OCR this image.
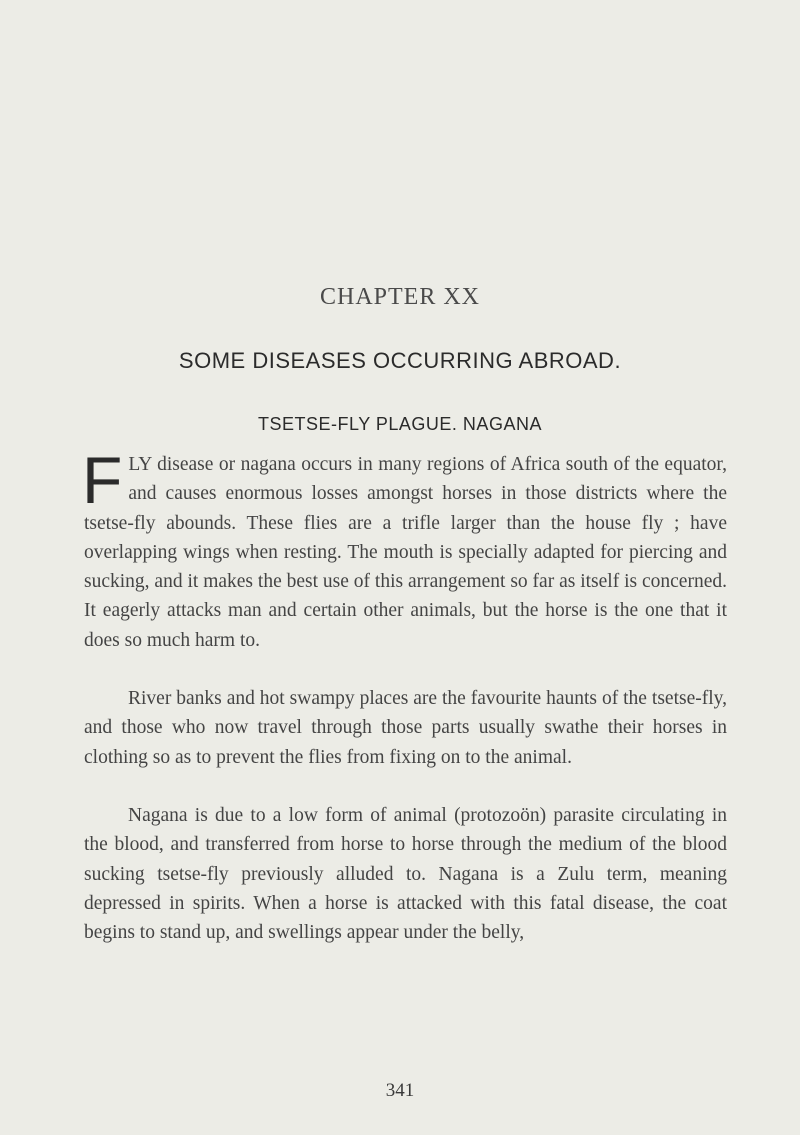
CHAPTER XX
SOME DISEASES OCCURRING ABROAD.
TSETSE-FLY PLAGUE. NAGANA

FLY disease or nagana occurs in many regions of Africa south of the equator, and causes enormous losses amongst horses in those districts where the tsetse-fly abounds. These flies are a trifle larger than the house fly ; have overlapping wings when resting. The mouth is specially adapted for piercing and sucking, and it makes the best use of this arrangement so far as itself is concerned. It eagerly attacks man and certain other animals, but the horse is the one that it does so much harm to.

River banks and hot swampy places are the favourite haunts of the tsetse-fly, and those who now travel through those parts usually swathe their horses in clothing so as to prevent the flies from fixing on to the animal.

Nagana is due to a low form of animal (protozoön) parasite circulating in the blood, and transferred from horse to horse through the medium of the blood sucking tsetse-fly previously alluded to. Nagana is a Zulu term, meaning depressed in spirits. When a horse is attacked with this fatal disease, the coat begins to stand up, and swellings appear under the belly,

341
